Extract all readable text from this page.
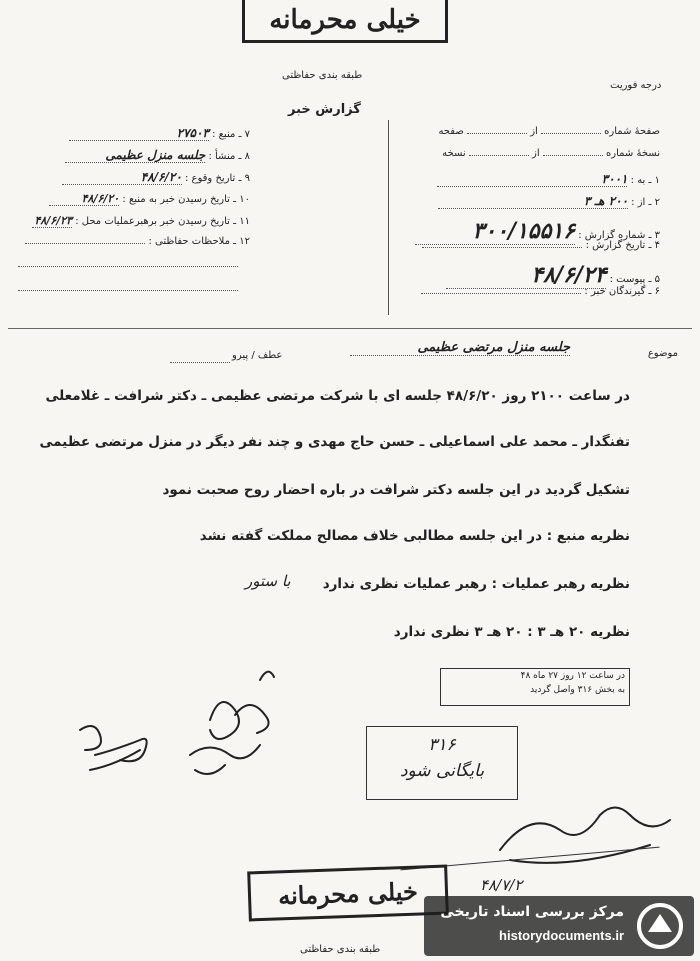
خیلی محرمانه
طبقه بندی حفاظتی
گزارش خبر
درجه فوریت
۷ ـ منبع : ۲۷۵۰۳
۸ ـ منشأ : جلسه منزل عظیمی
۹ ـ تاریخ وقوع : ۴۸/۶/۲۰
۱۰ ـ تاریخ رسیدن خبر به منبع : ۴۸/۶/۲۰
۱۱ ـ تاریخ رسیدن خبر برهبرعملیات محل : ۴۸/۶/۲۳
۱۲ ـ ملاحظات حفاظتی :
صفحهٔ شماره  از  صفحه
نسخهٔ شماره  از  نسخه
۱ ـ به : ۳۰۰۱
۲ ـ از : ۲۰۰ هـ ۳
۳ ـ شماره گزارش : ۳۰۰/۱۵۵۱۶
۴ ـ تاریخ گزارش :
۵ ـ پیوست : ۴۸/۶/۲۴
۶ ـ گیرندگان خبر :
موضوع
جلسه منزل مرتضی عظیمی
عطف / پیرو
در ساعت ۲۱۰۰ روز ۴۸/۶/۲۰ جلسه ای با شرکت مرتضی عظیمی ـ دکتر شرافت ـ غلامعلی
تفنگدار ـ محمد علی اسماعیلی ـ حسن حاج مهدی و چند نفر دیگر در منزل مرتضی عظیمی
تشکیل گردید در این جلسه دکتر شرافت در باره احضار روح صحبت نمود
نظریه منبع : در این جلسه مطالبی خلاف مصالح مملکت گفته نشد
نظریه رهبر عملیات : رهبر عملیات نظری ندارد
با ستور
نظریه ۲۰ هـ ۳ : ۲۰ هـ ۳ نظری ندارد
در ساعت ۱۲ روز ۲۷ ماه ۴۸
به بخش ۳۱۶ واصل گردید
۳۱۶
بایگانی شود
۴۸/۷/۲
خیلی محرمانه
طبقه بندی حفاظتی
مرکز بررسی اسناد تاریخی
historydocuments.ir
